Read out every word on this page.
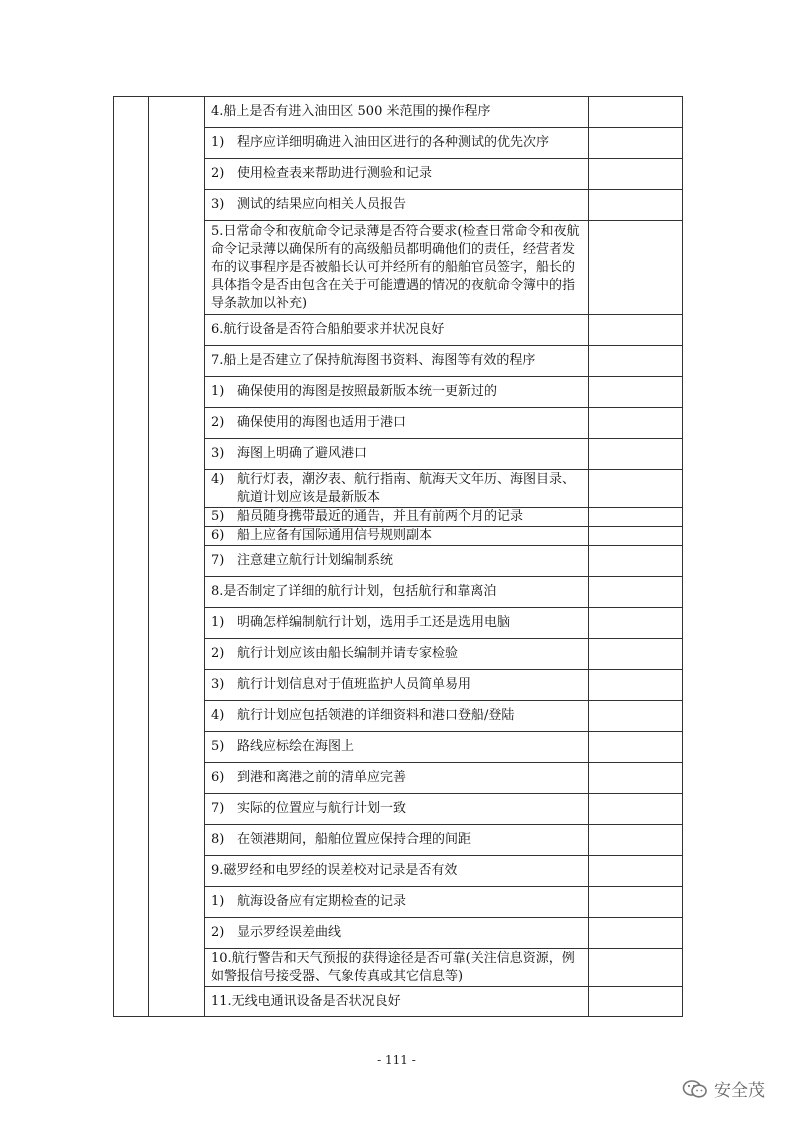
		4.船上是否有进入油田区 500 米范围的操作程序	

		1) 程序应详细明确进入油田区进行的各种测试的优先次序	

		2) 使用检查表来帮助进行测验和记录	

		3) 测试的结果应向相关人员报告	

		5.日常命令和夜航命令记录薄是否符合要求(检查日常命令和夜航命令记录薄以确保所有的高级船员都明确他们的责任，经营者发布的议事程序是否被船长认可并经所有的船舶官员签字，船长的具体指令是否由包含在关于可能遭遇的情况的夜航命令簿中的指导条款加以补充)	
		6.航行设备是否符合船舶要求并状况良好	
		7.船上是否建立了保持航海图书资料、海图等有效的程序	

		1) 确保使用的海图是按照最新版本统一更新过的	

		2) 确保使用的海图也适用于港口	

		3) 海图上明确了避风港口	

		4) 航行灯表，潮汐表、航行指南、航海天文年历、海图目录、航道计划应该是最新版本	

		5) 船员随身携带最近的通告，并且有前两个月的记录	

		6) 船上应备有国际通用信号规则副本	

		7) 注意建立航行计划编制系统	

		8.是否制定了详细的航行计划，包括航行和靠离泊	

		1) 明确怎样编制航行计划，选用手工还是选用电脑	

		2) 航行计划应该由船长编制并请专家检验	

		3) 航行计划信息对于值班监护人员简单易用	

		4) 航行计划应包括领港的详细资料和港口登船/登陆	

		5) 路线应标绘在海图上	

		6) 到港和离港之前的清单应完善	

		7) 实际的位置应与航行计划一致	

		8) 在领港期间，船舶位置应保持合理的间距	

		9.磁罗经和电罗经的误差校对记录是否有效	

		1) 航海设备应有定期检查的记录	

		2) 显示罗经误差曲线	

		10.航行警告和天气预报的获得途径是否可靠(关注信息资源，例如警报信号接受器、气象传真或其它信息等)	
		11.无线电通讯设备是否状况良好	
- 111 -
安全茂
